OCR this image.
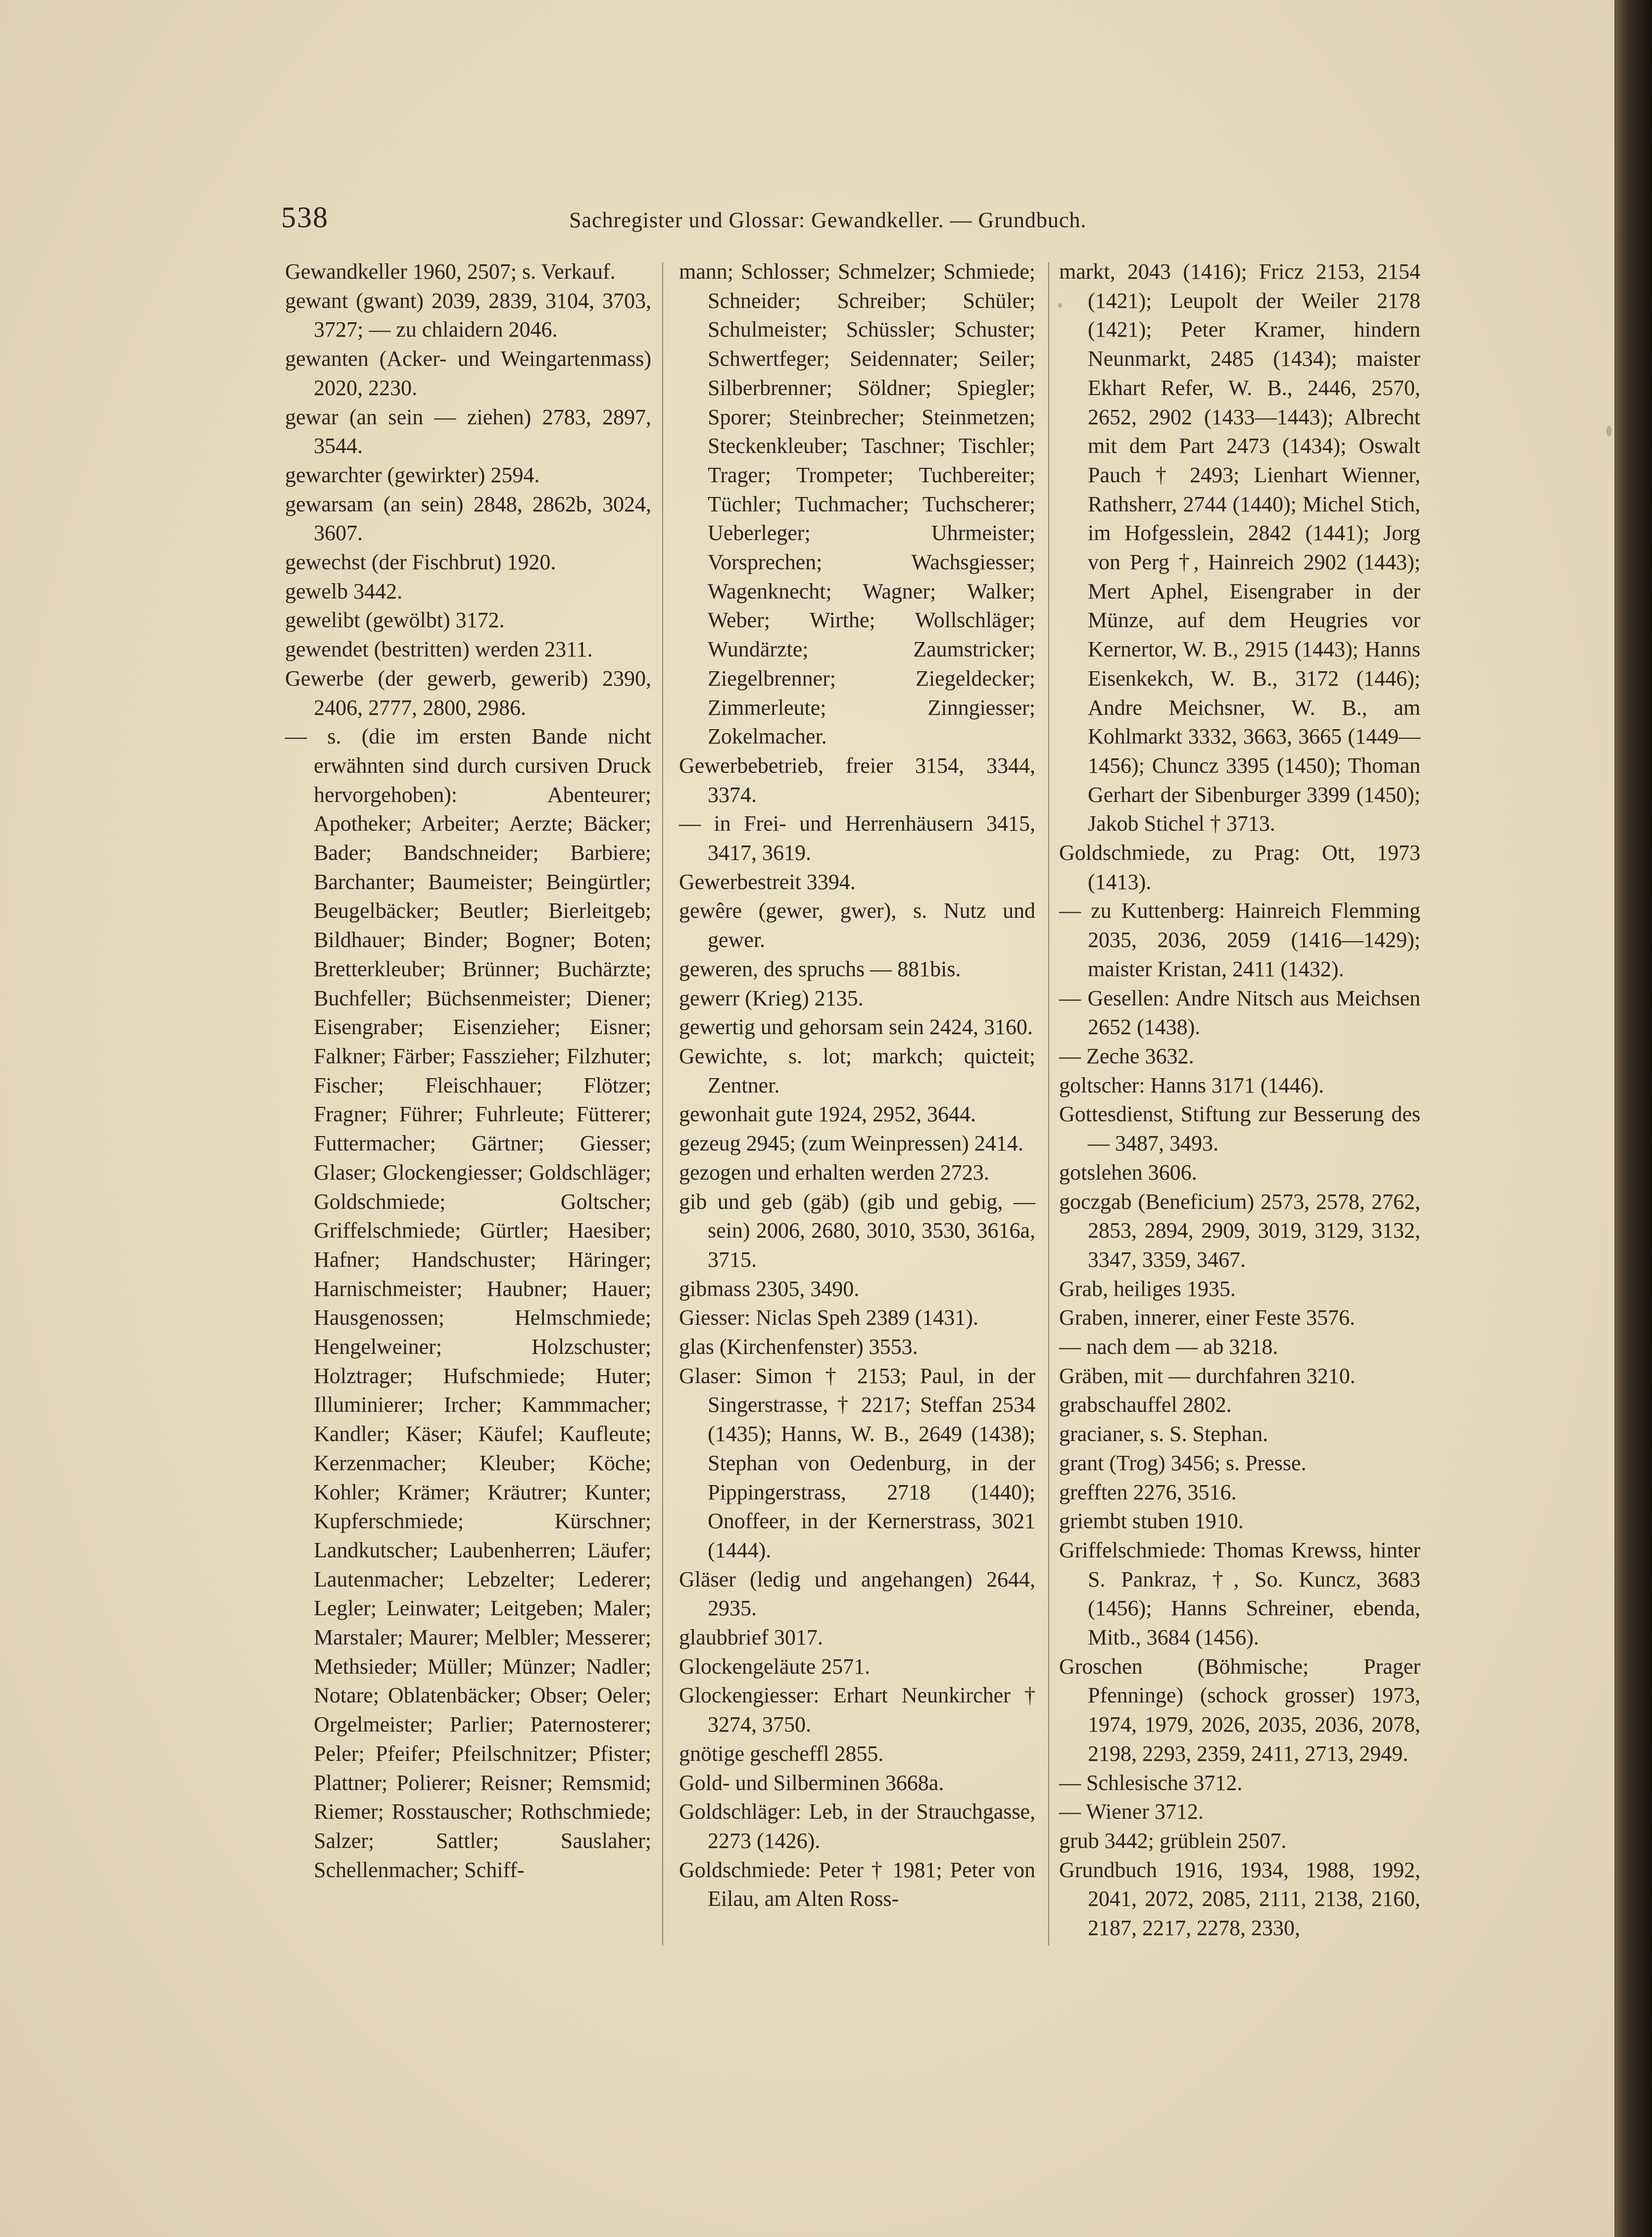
538	Sachregister und Glossar: Gewandkeller. — Grundbuch.

Gewandkeller 1960, 2507; s. Verkauf.

gewant (gwant) 2039, 2839, 3104, 3703, 3727; — zu chlaidern 2046.

gewanten (Acker- und Weingartenmass) 2020, 2230.

gewar (an sein — ziehen) 2783, 2897, 3544.

gewarchter (gewirkter) 2594.

gewarsam (an sein) 2848, 2862b, 3024, 3607.

gewechst (der Fischbrut) 1920.

gewelb 3442.

gewelibt (gewölbt) 3172.

gewendet (bestritten) werden 2311.

Gewerbe (der gewerb, gewerib) 2390, 2406, 2777, 2800, 2986.

— s. (die im ersten Bande nicht erwähnten sind durch cursiven Druck hervorgehoben): Abenteurer; Apotheker; Arbeiter; Aerzte; Bäcker; Bader; Bandschneider; Barbiere; Barchanter; Baumeister; Beingürtler; Beugelbäcker; Beutler; Bierleitgeb; Bildhauer; Binder; Bogner; Boten; Bretterkleuber; Brünner; Buchärzte; Buchfeller; Büchsenmeister; Diener; Eisengraber; Eisenzieher; Eisner; Falkner; Färber; Fasszieher; Filzhuter; Fischer; Fleischhauer; Flötzer; Fragner; Führer; Fuhrleute; Fütterer; Futtermacher; Gärtner; Giesser; Glaser; Glockengiesser; Goldschläger; Goldschmiede; Goltscher; Griffelschmiede; Gürtler; Haesiber; Hafner; Handschuster; Häringer; Harnischmeister; Haubner; Hauer; Hausgenossen; Helmschmiede; Hengelweiner; Holzschuster; Holztrager; Hufschmiede; Huter; Illuminierer; Ircher; Kammmacher; Kandler; Käser; Käufel; Kaufleute; Kerzenmacher; Kleuber; Köche; Kohler; Krämer; Kräutrer; Kunter; Kupferschmiede; Kürschner; Landkutscher; Laubenherren; Läufer; Lautenmacher; Lebzelter; Lederer; Legler; Leinwater; Leitgeben; Maler; Marstaler; Maurer; Melbler; Messerer; Methsieder; Müller; Münzer; Nadler; Notare; Oblatenbäcker; Obser; Oeler; Orgelmeister; Parlier; Paternosterer; Peler; Pfeifer; Pfeilschnitzer; Pfister; Plattner; Polierer; Reisner; Remsmid; Riemer; Rosstauscher; Rothschmiede; Salzer; Sattler; Sauslaher; Schellenmacher; Schiff-

mann; Schlosser; Schmelzer; Schmiede; Schneider; Schreiber; Schüler; Schulmeister; Schüssler; Schuster; Schwertfeger; Seidennater; Seiler; Silberbrenner; Söldner; Spiegler; Sporer; Steinbrecher; Steinmetzen; Steckenkleuber; Taschner; Tischler; Trager; Trompeter; Tuchbereiter; Tüchler; Tuchmacher; Tuchscherer; Ueberleger; Uhrmeister; Vorsprechen; Wachsgiesser; Wagenknecht; Wagner; Walker; Weber; Wirthe; Wollschläger; Wundärzte; Zaumstricker; Ziegelbrenner; Ziegeldecker; Zimmerleute; Zinngiesser; Zokelmacher.

Gewerbebetrieb, freier 3154, 3344, 3374.

— in Frei- und Herrenhäusern 3415, 3417, 3619.

Gewerbestreit 3394.

gewêre (gewer, gwer), s. Nutz und gewer.

geweren, des spruchs — 881bis.

gewerr (Krieg) 2135.

gewertig und gehorsam sein 2424, 3160.

Gewichte, s. lot; markch; quicteit; Zentner.

gewonhait gute 1924, 2952, 3644.

gezeug 2945; (zum Weinpressen) 2414.

gezogen und erhalten werden 2723.

gib und geb (gäb) (gib und gebig, — sein) 2006, 2680, 3010, 3530, 3616a, 3715.

gibmass 2305, 3490.

Giesser: Niclas Speh 2389 (1431).

glas (Kirchenfenster) 3553.

Glaser: Simon † 2153; Paul, in der Singerstrasse, † 2217; Steffan 2534 (1435); Hanns, W. B., 2649 (1438); Stephan von Oedenburg, in der Pippingerstrass, 2718 (1440); Onoffeer, in der Kernerstrass, 3021 (1444).

Gläser (ledig und angehangen) 2644, 2935.

glaubbrief 3017.

Glockengeläute 2571.

Glockengiesser: Erhart Neunkircher † 3274, 3750.

gnötige gescheffl 2855.

Gold- und Silberminen 3668a.

Goldschläger: Leb, in der Strauchgasse, 2273 (1426).

Goldschmiede: Peter † 1981; Peter von Eilau, am Alten Ross-

markt, 2043 (1416); Fricz 2153, 2154 (1421); Leupolt der Weiler 2178 (1421); Peter Kramer, hindern Neunmarkt, 2485 (1434); maister Ekhart Refer, W. B., 2446, 2570, 2652, 2902 (1433—1443); Albrecht mit dem Part 2473 (1434); Oswalt Pauch † 2493; Lienhart Wienner, Rathsherr, 2744 (1440); Michel Stich, im Hofgesslein, 2842 (1441); Jorg von Perg †, Hainreich 2902 (1443); Mert Aphel, Eisengraber in der Münze, auf dem Heugries vor Kernertor, W. B., 2915 (1443); Hanns Eisenkekch, W. B., 3172 (1446); Andre Meichsner, W. B., am Kohlmarkt 3332, 3663, 3665 (1449—1456); Chuncz 3395 (1450); Thoman Gerhart der Sibenburger 3399 (1450); Jakob Stichel † 3713.

Goldschmiede, zu Prag: Ott, 1973 (1413).

— zu Kuttenberg: Hainreich Flemming 2035, 2036, 2059 (1416—1429); maister Kristan, 2411 (1432).

— Gesellen: Andre Nitsch aus Meichsen 2652 (1438).

— Zeche 3632.

goltscher: Hanns 3171 (1446).

Gottesdienst, Stiftung zur Besserung des — 3487, 3493.

gotslehen 3606.

goczgab (Beneficium) 2573, 2578, 2762, 2853, 2894, 2909, 3019, 3129, 3132, 3347, 3359, 3467.

Grab, heiliges 1935.

Graben, innerer, einer Feste 3576.

— nach dem — ab 3218.

Gräben, mit — durchfahren 3210.

grabschauffel 2802.

gracianer, s. S. Stephan.

grant (Trog) 3456; s. Presse.

grefften 2276, 3516.

griembt stuben 1910.

Griffelschmiede: Thomas Krewss, hinter S. Pankraz, †, So. Kuncz, 3683 (1456); Hanns Schreiner, ebenda, Mitb., 3684 (1456).

Groschen (Böhmische; Prager Pfenninge) (schock grosser) 1973, 1974, 1979, 2026, 2035, 2036, 2078, 2198, 2293, 2359, 2411, 2713, 2949.

— Schlesische 3712.

— Wiener 3712.

grub 3442; grüblein 2507.

Grundbuch 1916, 1934, 1988, 1992, 2041, 2072, 2085, 2111, 2138, 2160, 2187, 2217, 2278, 2330,
